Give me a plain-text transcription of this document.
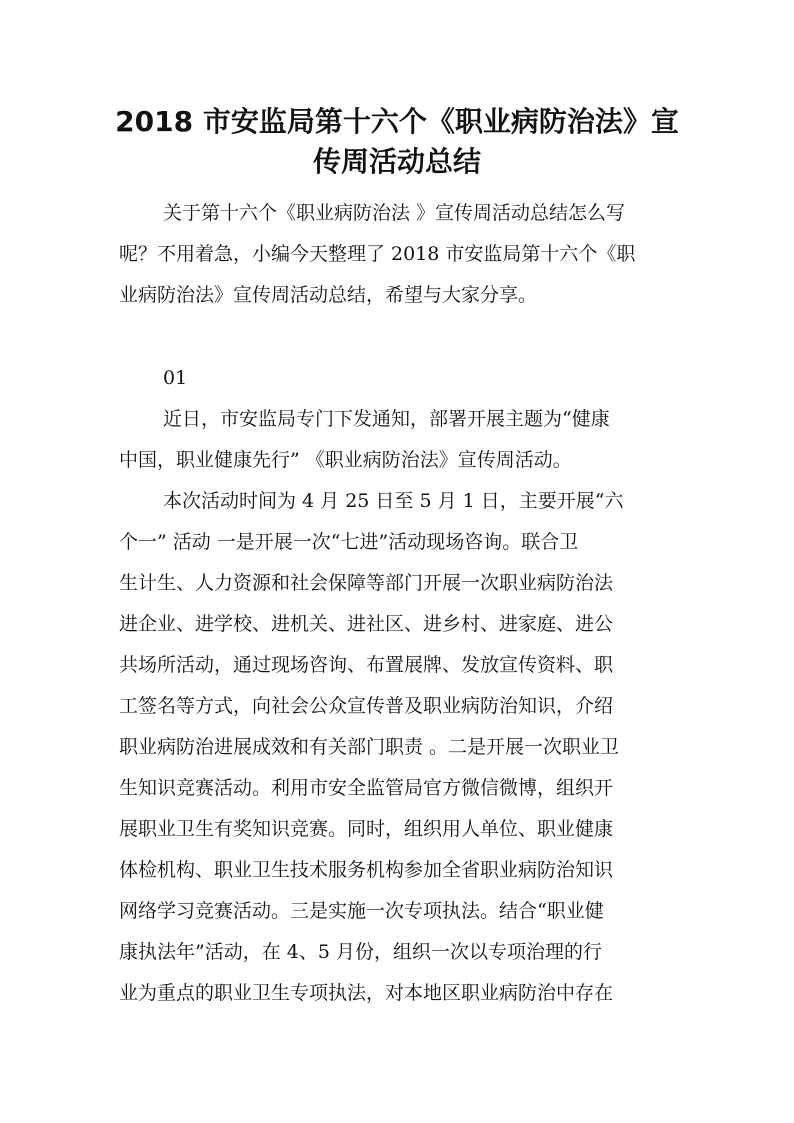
2018 市安监局第十六个《职业病防治法》宣
传周活动总结

关于第十六个《职业病防治法 》宣传周活动总结怎么写

呢？不用着急，小编今天整理了 2018 市安监局第十六个《职

业病防治法》宣传周活动总结，希望与大家分享。

01

近日，市安监局专门下发通知，部署开展主题为“健康

中国，职业健康先行” 《职业病防治法》宣传周活动。

本次活动时间为 4 月 25 日至 5 月 1 日，主要开展“六

个一” 活动 一是开展一次“七进”活动现场咨询。联合卫

生计生、人力资源和社会保障等部门开展一次职业病防治法

进企业、进学校、进机关、进社区、进乡村、进家庭、进公

共场所活动，通过现场咨询、布置展牌、发放宣传资料、职

工签名等方式，向社会公众宣传普及职业病防治知识，介绍

职业病防治进展成效和有关部门职责 。二是开展一次职业卫

生知识竞赛活动。利用市安全监管局官方微信微博，组织开

展职业卫生有奖知识竞赛。同时，组织用人单位、职业健康

体检机构、职业卫生技术服务机构参加全省职业病防治知识

网络学习竞赛活动。三是实施一次专项执法。结合“职业健

康执法年”活动，在 4、5 月份，组织一次以专项治理的行

业为重点的职业卫生专项执法，对本地区职业病防治中存在
